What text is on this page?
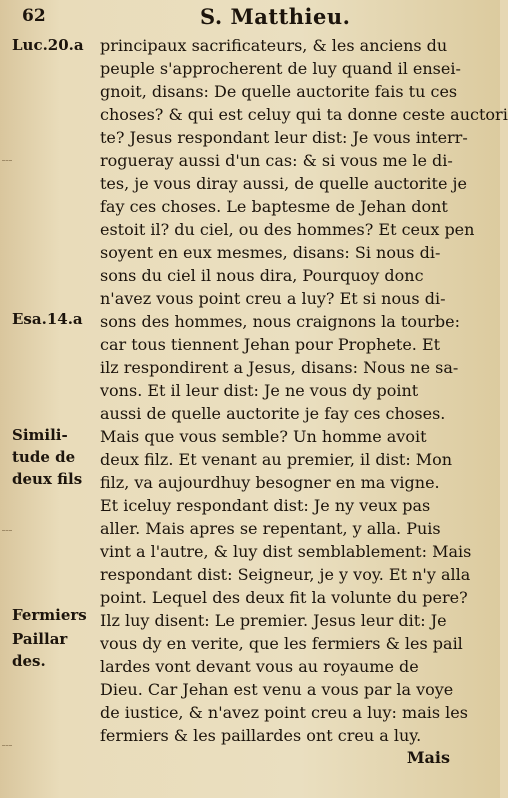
62	S. Matthieu.
Luc.20.a
Esa.14.a
Simili-
tude de
deux fils
Fermiers
Paillar
des.
principaux sacrificateurs, & les anciens du
peuple s'approcherent de luy quand il ensei-
gnoit, disans: De quelle auctorite fais tu ces
choses? & qui est celuy qui ta donne ceste auctori
te? Jesus respondant leur dist: Je vous interr-
rogueray aussi d'un cas: & si vous me le di-
tes, je vous diray aussi, de quelle auctorite je
fay ces choses. Le baptesme de Jehan dont
estoit il? du ciel, ou des hommes? Et ceux pen
soyent en eux mesmes, disans: Si nous di-
sons du ciel il nous dira, Pourquoy donc
n'avez vous point creu a luy? Et si nous di-
sons des hommes, nous craignons la tourbe:
car tous tiennent Jehan pour Prophete. Et
ilz respondirent a Jesus, disans: Nous ne sa-
vons. Et il leur dist: Je ne vous dy point
aussi de quelle auctorite je fay ces choses.
Mais que vous semble? Un homme avoit
deux filz. Et venant au premier, il dist: Mon
filz, va aujourdhuy besogner en ma vigne.
Et iceluy respondant dist: Je ny veux pas
aller. Mais apres se repentant, y alla. Puis
vint a l'autre, & luy dist semblablement: Mais
respondant dist: Seigneur, je y voy. Et n'y alla
point. Lequel des deux fit la volunte du pere?
Ilz luy disent: Le premier. Jesus leur dit: Je
vous dy en verite, que les fermiers & les pail
lardes vont devant vous au royaume de
Dieu. Car Jehan est venu a vous par la voye
de iustice, & n'avez point creu a luy: mais les
fermiers & les paillardes ont creu a luy.
Mais
